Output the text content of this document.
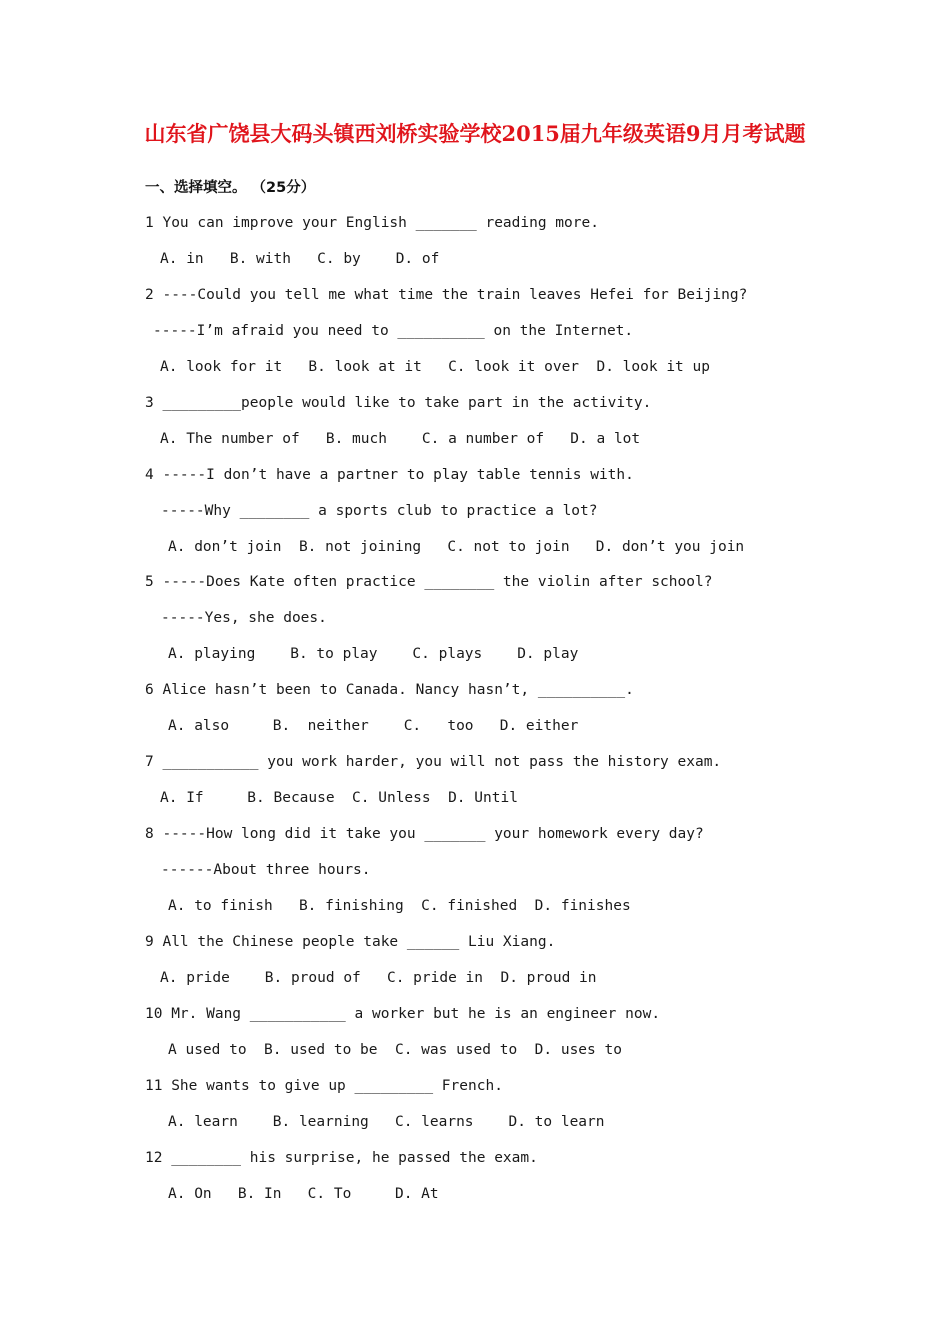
山东省广饶县大码头镇西刘桥实验学校2015届九年级英语9月月考试题
一、选择填空。 （25分）
1 You can improve your English _______ reading more.
A. in   B. with   C. by    D. of
2 ----Could you tell me what time the train leaves Hefei for Beijing?
-----I’m afraid you need to __________ on the Internet.
A. look for it   B. look at it   C. look it over  D. look it up
3 _________people would like to take part in the activity.
A. The number of   B. much    C. a number of   D. a lot
4 -----I don’t have a partner to play table tennis with.
-----Why ________ a sports club to practice a lot?
A. don’t join  B. not joining   C. not to join   D. don’t you join
5 -----Does Kate often practice ________ the violin after school?
-----Yes, she does.
A. playing    B. to play    C. plays    D. play
6 Alice hasn’t been to Canada. Nancy hasn’t, __________.
A. also     B.  neither    C.   too   D. either
7 ___________ you work harder, you will not pass the history exam.
A. If     B. Because  C. Unless  D. Until
8 -----How long did it take you _______ your homework every day?
------About three hours.
A. to finish   B. finishing  C. finished  D. finishes
9 All the Chinese people take ______ Liu Xiang.
A. pride    B. proud of   C. pride in  D. proud in
10 Mr. Wang ___________ a worker but he is an engineer now.
A used to  B. used to be  C. was used to  D. uses to
11 She wants to give up _________ French.
A. learn    B. learning   C. learns    D. to learn
12 ________ his surprise, he passed the exam.
A. On   B. In   C. To     D. At
